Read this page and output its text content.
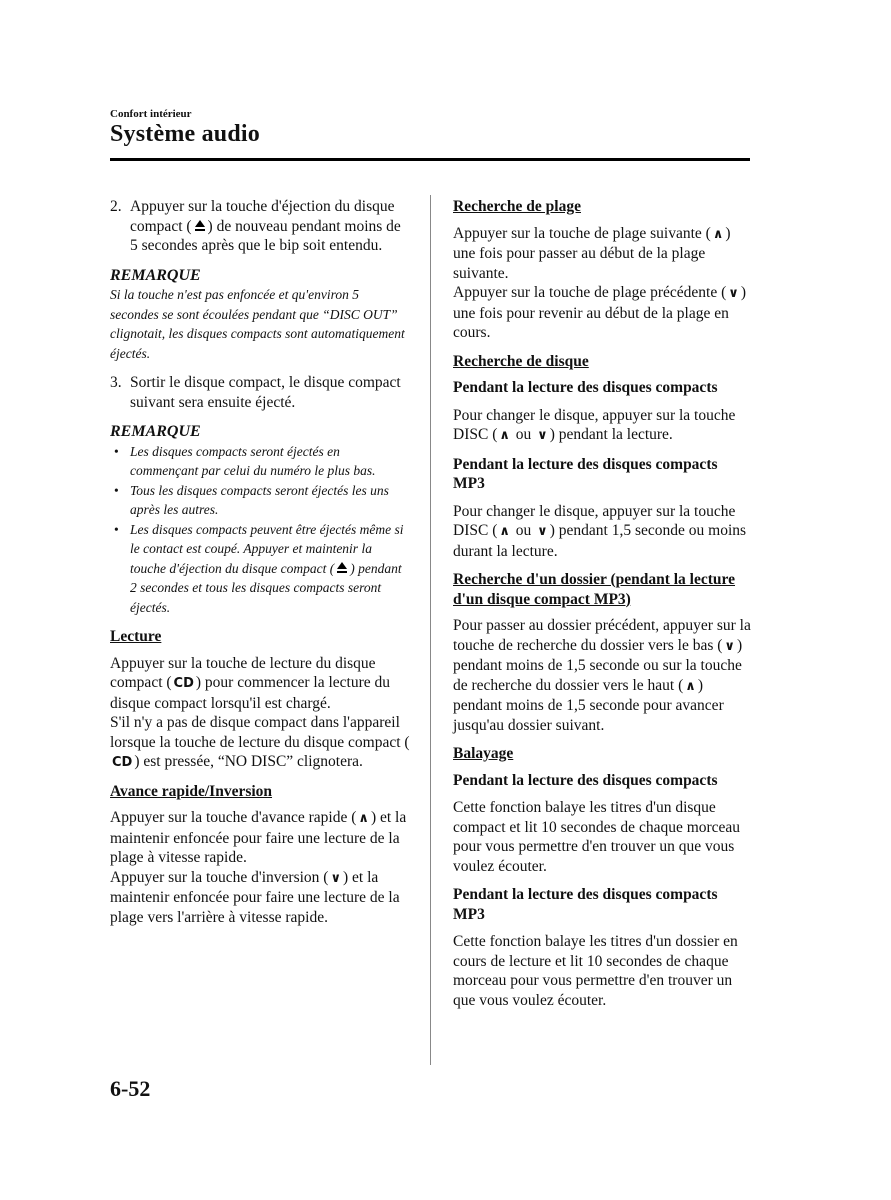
Confort intérieur
Système audio
2. Appuyer sur la touche d'éjection du disque compact ( ) de nouveau pendant moins de 5 secondes après que le bip soit entendu.

REMARQUE

Si la touche n'est pas enfoncée et qu'environ 5 secondes se sont écoulées pendant que “DISC OUT” clignotait, les disques compacts sont automatiquement éjectés.

3. Sortir le disque compact, le disque compact suivant sera ensuite éjecté.

REMARQUE

• Les disques compacts seront éjectés en commençant par celui du numéro le plus bas.
• Tous les disques compacts seront éjectés les uns après les autres.
• Les disques compacts peuvent être éjectés même si le contact est coupé. Appuyer et maintenir la touche d'éjection du disque compact ( ) pendant 2 secondes et tous les disques compacts seront éjectés.

Lecture

Appuyer sur la touche de lecture du disque compact ( CD ) pour commencer la lecture du disque compact lorsqu'il est chargé.

S'il n'y a pas de disque compact dans l'appareil lorsque la touche de lecture du disque compact (CD ) est pressée, “NO DISC” clignotera.

Avance rapide/Inversion

Appuyer sur la touche d'avance rapide ( ∧ ) et la maintenir enfoncée pour faire une lecture de la plage à vitesse rapide.

Appuyer sur la touche d'inversion ( ∨ ) et la maintenir enfoncée pour faire une lecture de la plage vers l'arrière à vitesse rapide.

Recherche de plage

Appuyer sur la touche de plage suivante ( ∧ ) une fois pour passer au début de la plage suivante.

Appuyer sur la touche de plage précédente ( ∨ ) une fois pour revenir au début de la plage en cours.

Recherche de disque

Pendant la lecture des disques compacts

Pour changer le disque, appuyer sur la touche DISC ( ∧ ou ∨ ) pendant la lecture.

Pendant la lecture des disques compacts MP3

Pour changer le disque, appuyer sur la touche DISC ( ∧ ou ∨ ) pendant 1,5 seconde ou moins durant la lecture.

Recherche d'un dossier (pendant la lecture d'un disque compact MP3)

Pour passer au dossier précédent, appuyer sur la touche de recherche du dossier vers le bas ( ∨ ) pendant moins de 1,5 seconde ou sur la touche de recherche du dossier vers le haut ( ∧ ) pendant moins de 1,5 seconde pour avancer jusqu'au dossier suivant.

Balayage

Pendant la lecture des disques compacts

Cette fonction balaye les titres d'un disque compact et lit 10 secondes de chaque morceau pour vous permettre d'en trouver un que vous voulez écouter.

Pendant la lecture des disques compacts MP3

Cette fonction balaye les titres d'un dossier en cours de lecture et lit 10 secondes de chaque morceau pour vous permettre d'en trouver un que vous voulez écouter.

6-52
